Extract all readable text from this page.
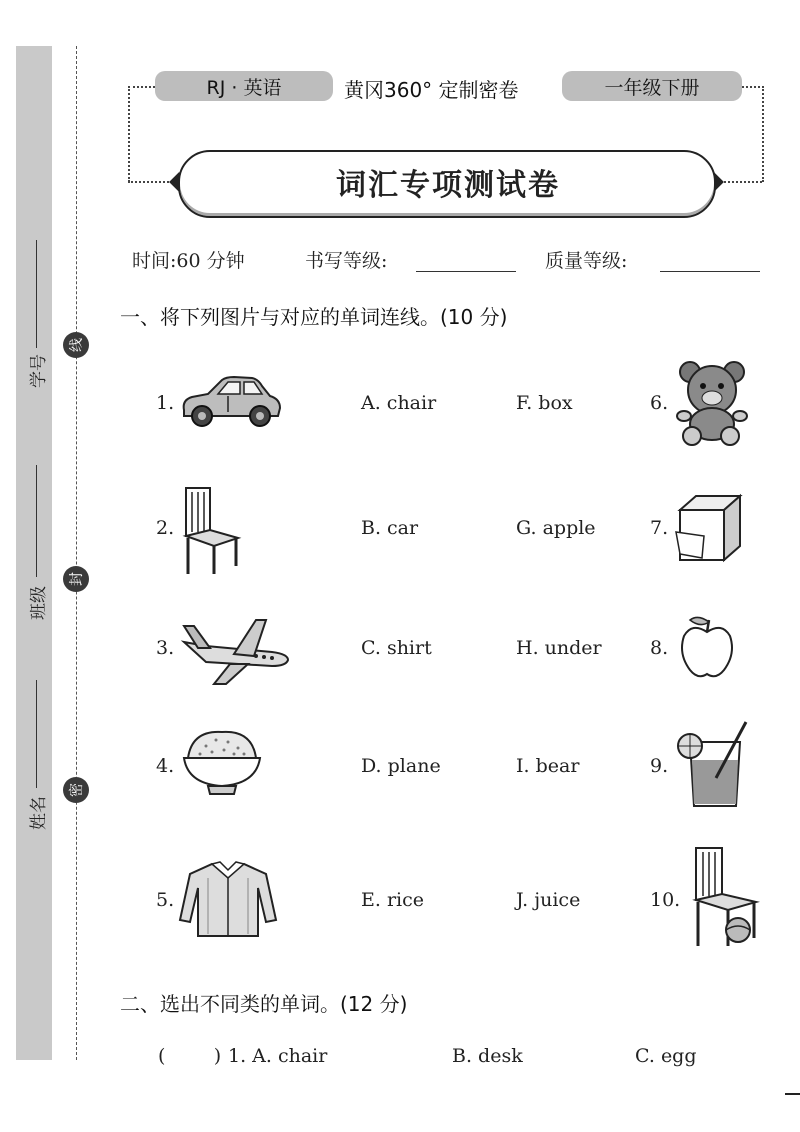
学号
班级
姓名
线
封
密
RJ · 英语	黄冈360° 定制密卷	一年级下册
词汇专项测试卷
时间:60 分钟	书写等级:	质量等级:
一、将下列图片与对应的单词连线。(10 分)
1.	A. chair	F. box	6.
2.	B. car	G. apple	7.
3.	C. shirt	H. under	8.
4.	D. plane	I. bear	9.
5.	E. rice	J. juice	10.
二、选出不同类的单词。(12 分)
(        ) 1. A. chair	B. desk	C. egg
